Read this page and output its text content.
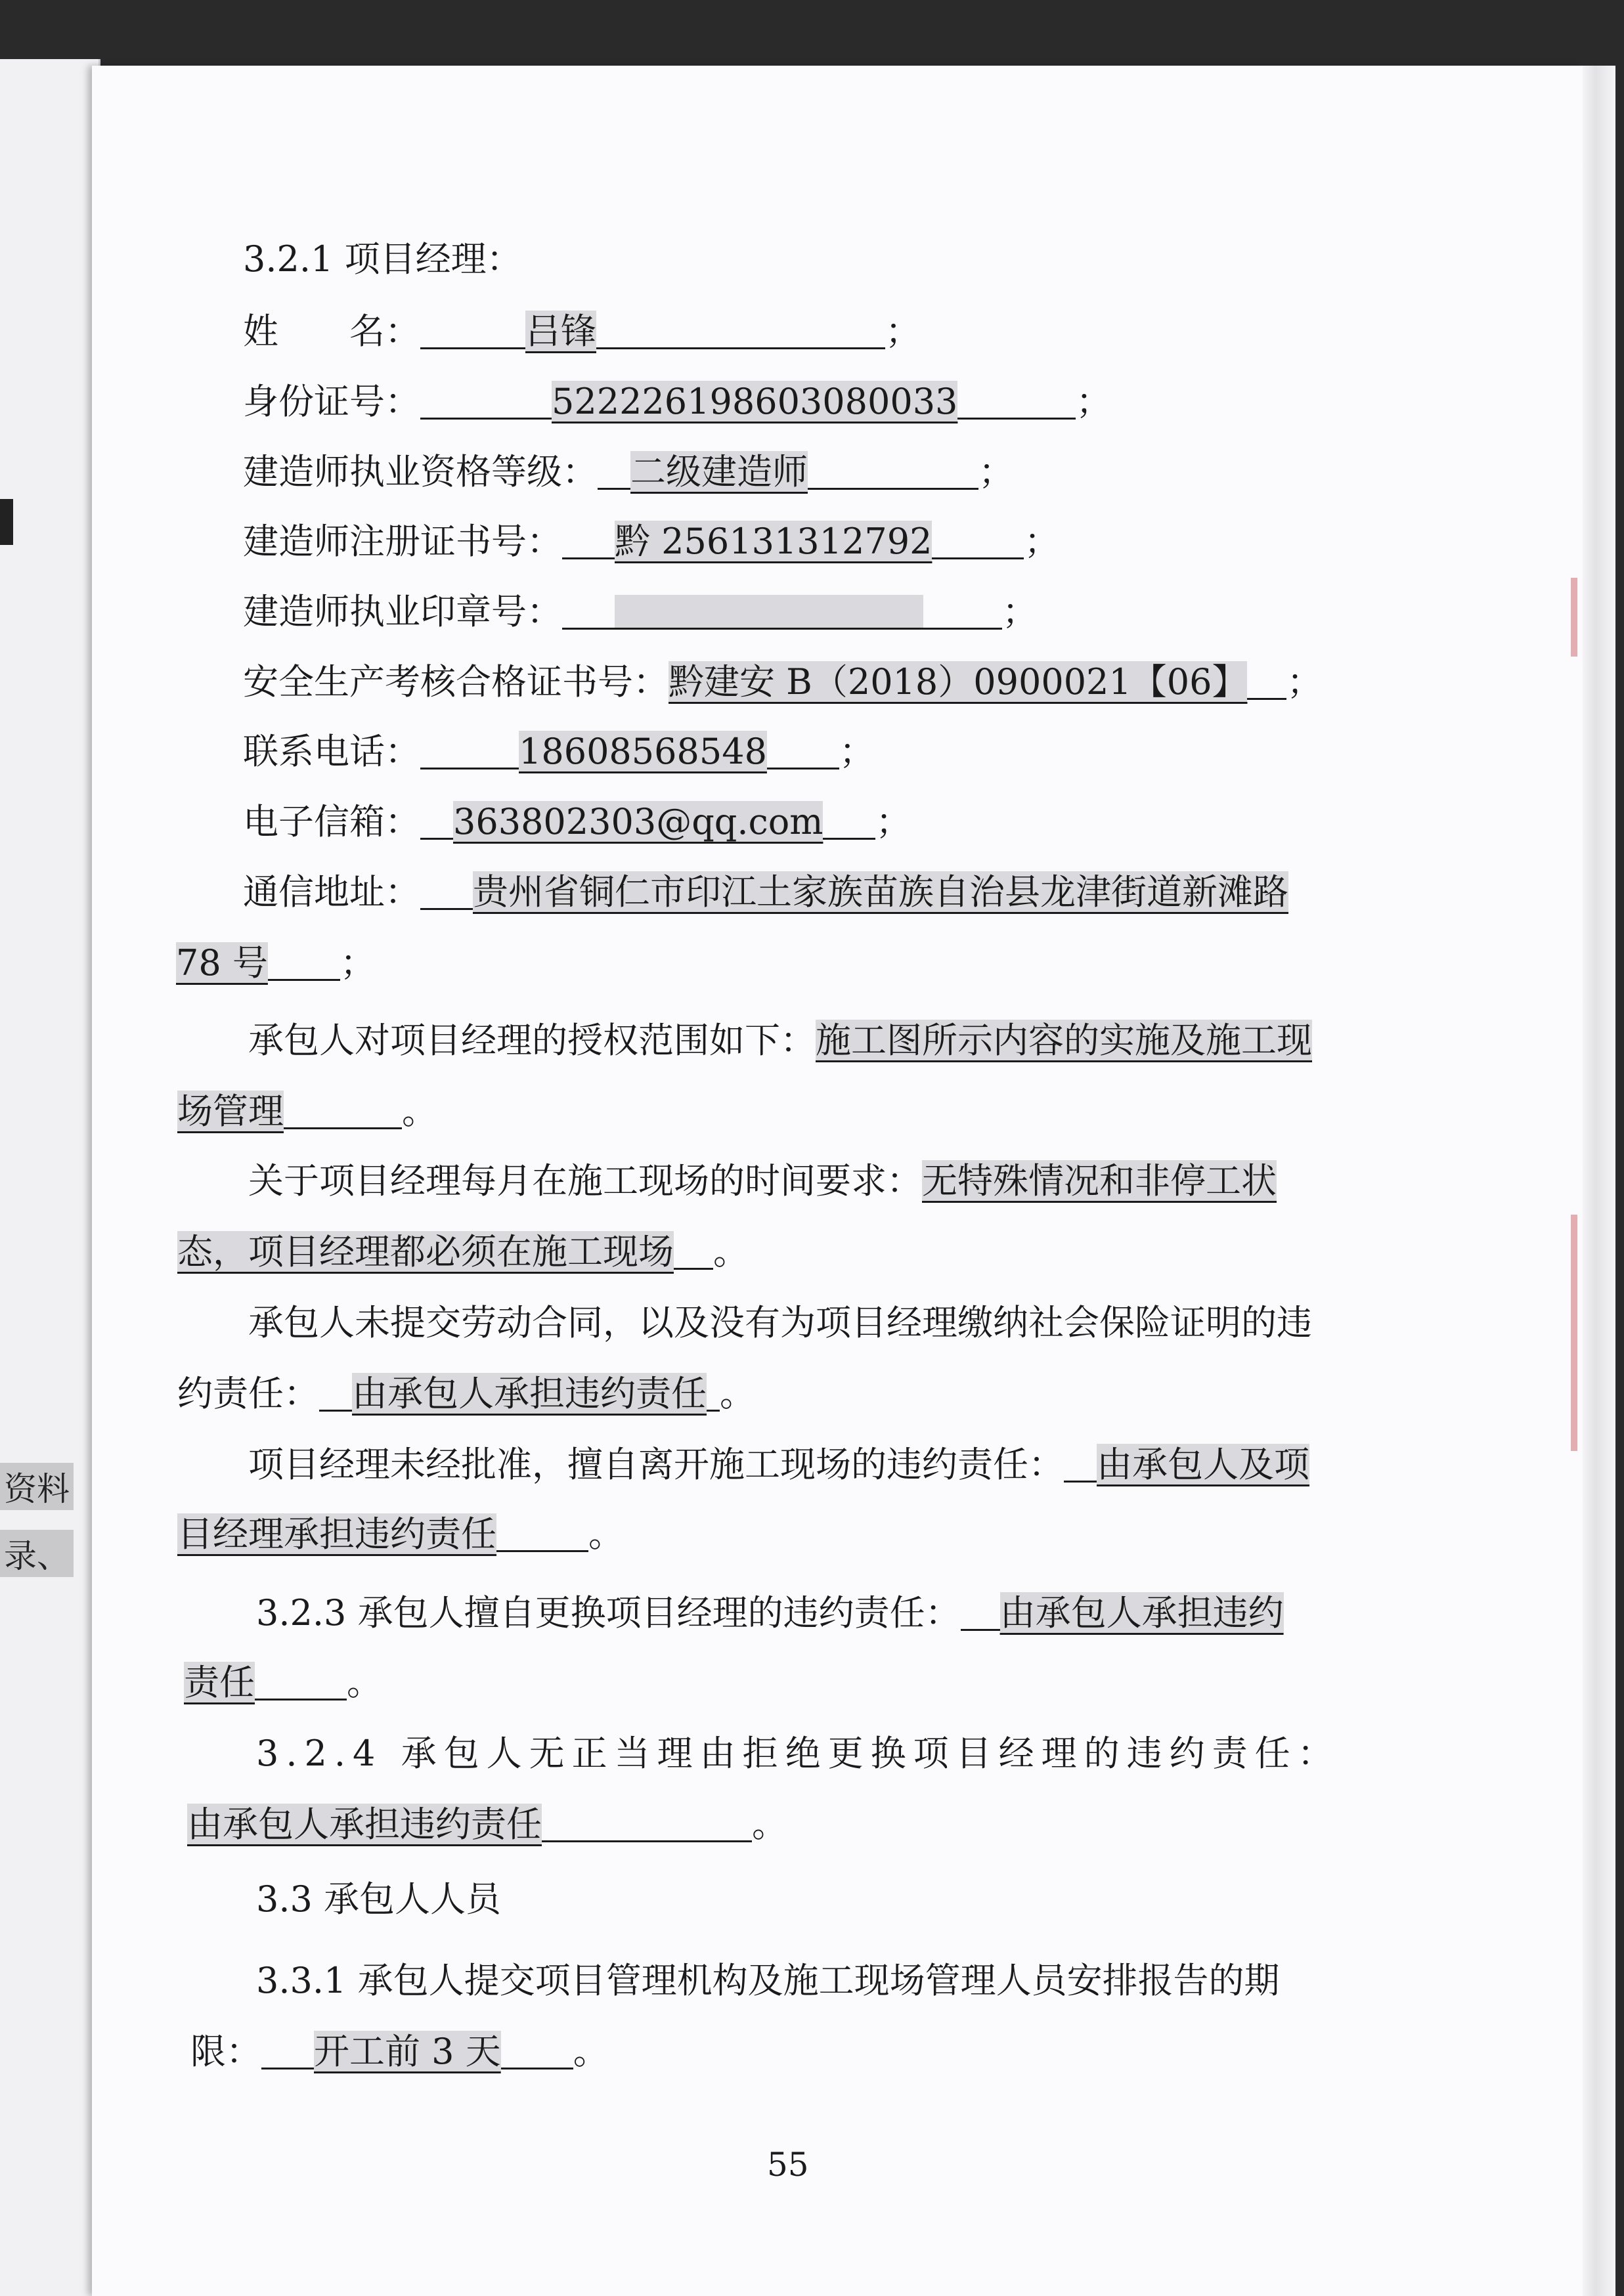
资料
录、
3.2.1 项目经理：
姓　　名：	吕锋	；
身份证号：	522226198603080033	；
建造师执业资格等级： 二级建造师	；
建造师注册证书号： 黔 256131312792	；
建造师执业印章号：	；
安全生产考核合格证书号：黔建安 B（2018）0900021【06】 ；
联系电话：	18608568548 ；
电子信箱： 363802303@qq.com ；
通信地址： 贵州省铜仁市印江土家族苗族自治县龙津街道新滩路
78 号 ；
承包人对项目经理的授权范围如下：施工图所示内容的实施及施工现
场管理	。
关于项目经理每月在施工现场的时间要求：无特殊情况和非停工状
态，项目经理都必须在施工现场 。
承包人未提交劳动合同，以及没有为项目经理缴纳社会保险证明的违
约责任： 由承包人承担违约责任 。
项目经理未经批准，擅自离开施工现场的违约责任： 由承包人及项
目经理承担违约责任	。
3.2.3 承包人擅自更换项目经理的违约责任： 由承包人承担违约
责任	。
3.2.4 承包人无正当理由拒绝更换项目经理的违约责任：
由承包人承担违约责任	。
3.3 承包人人员
3.3.1 承包人提交项目管理机构及施工现场管理人员安排报告的期
限： 开工前 3 天 。
55
